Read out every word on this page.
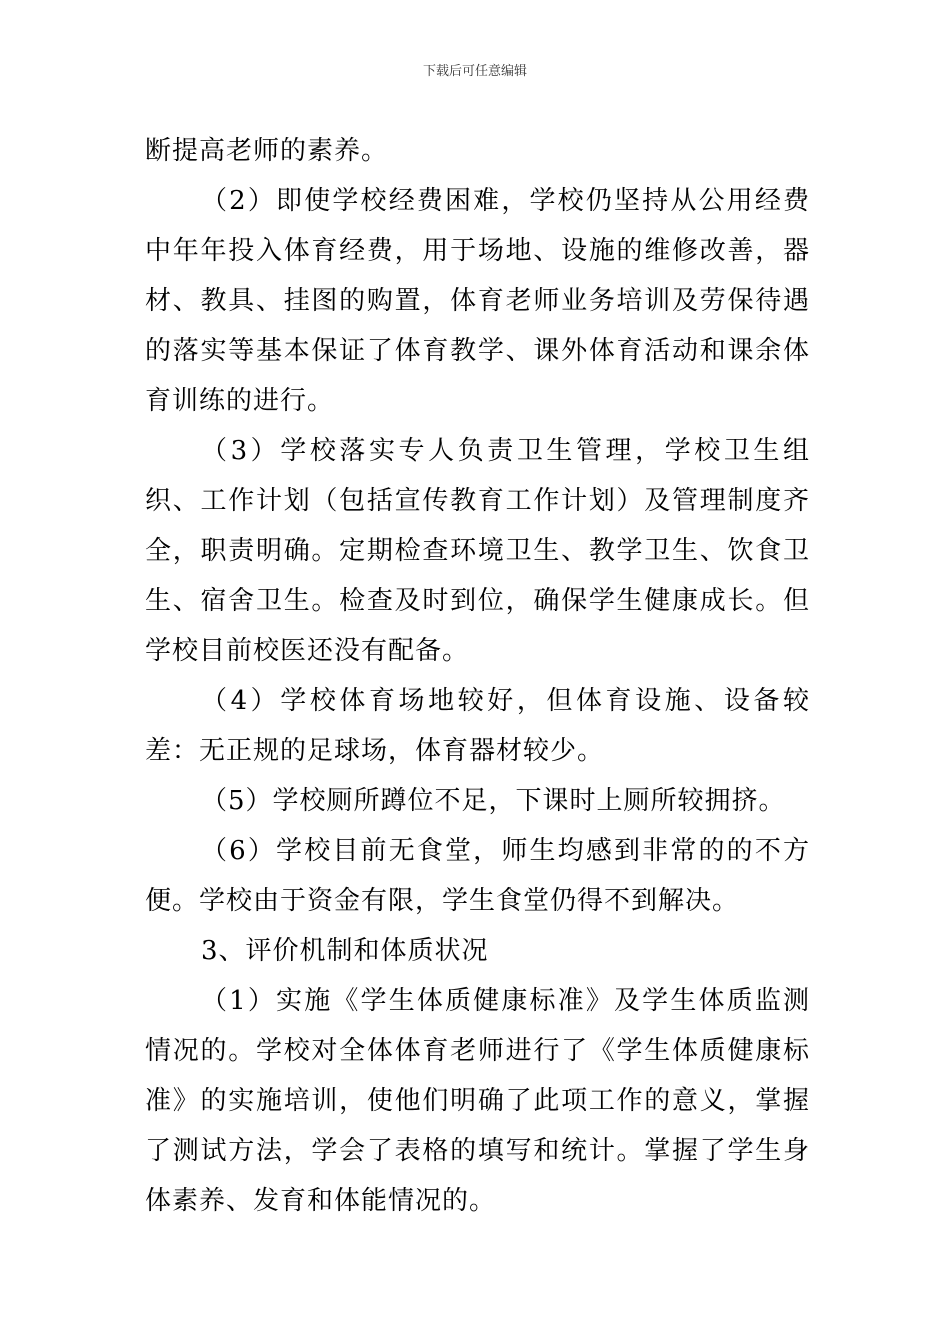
下载后可任意编辑

断提高老师的素养。

（2）即使学校经费困难，学校仍坚持从公用经费中年年投入体育经费，用于场地、设施的维修改善，器材、教具、挂图的购置，体育老师业务培训及劳保待遇的落实等基本保证了体育教学、课外体育活动和课余体育训练的进行。

（3）学校落实专人负责卫生管理，学校卫生组织、工作计划（包括宣传教育工作计划）及管理制度齐全，职责明确。定期检查环境卫生、教学卫生、饮食卫生、宿舍卫生。检查及时到位，确保学生健康成长。但学校目前校医还没有配备。

（4）学校体育场地较好，但体育设施、设备较差：无正规的足球场，体育器材较少。

（5）学校厕所蹲位不足，下课时上厕所较拥挤。

（6）学校目前无食堂，师生均感到非常的的不方便。学校由于资金有限，学生食堂仍得不到解决。

3、评价机制和体质状况

（1）实施《学生体质健康标准》及学生体质监测情况的。学校对全体体育老师进行了《学生体质健康标准》的实施培训，使他们明确了此项工作的意义，掌握了测试方法，学会了表格的填写和统计。掌握了学生身体素养、发育和体能情况的。
